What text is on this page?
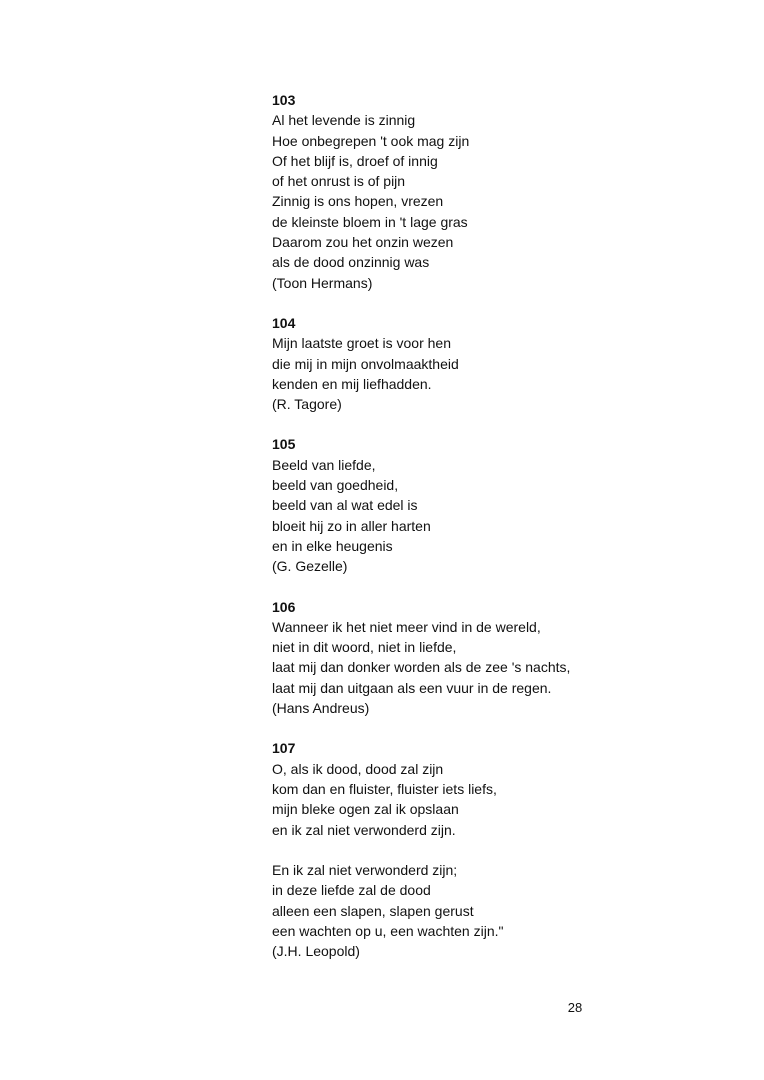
103
Al het levende is zinnig
Hoe onbegrepen 't ook mag zijn
Of het blijf is, droef of innig
of het onrust is of pijn
Zinnig is ons hopen, vrezen
de kleinste bloem in 't lage gras
Daarom zou het onzin wezen
als de dood onzinnig was
(Toon Hermans)
104
Mijn laatste groet is voor hen
die mij in mijn onvolmaaktheid
kenden en mij liefhadden.
(R. Tagore)
105
Beeld van liefde,
beeld van goedheid,
beeld van al wat edel is
bloeit hij zo in aller harten
en in elke heugenis
(G. Gezelle)
106
Wanneer ik het niet meer vind in de wereld,
niet in dit woord, niet in liefde,
laat mij dan donker worden als de zee 's nachts,
laat mij dan uitgaan als een vuur in de regen.
(Hans Andreus)
107
O, als ik dood, dood zal zijn
kom dan en fluister, fluister iets liefs,
mijn bleke ogen zal ik opslaan
en ik zal niet verwonderd zijn.
En ik zal niet verwonderd zijn;
in deze liefde zal de dood
alleen een slapen, slapen gerust
een wachten op u, een wachten zijn."
(J.H. Leopold)
28
